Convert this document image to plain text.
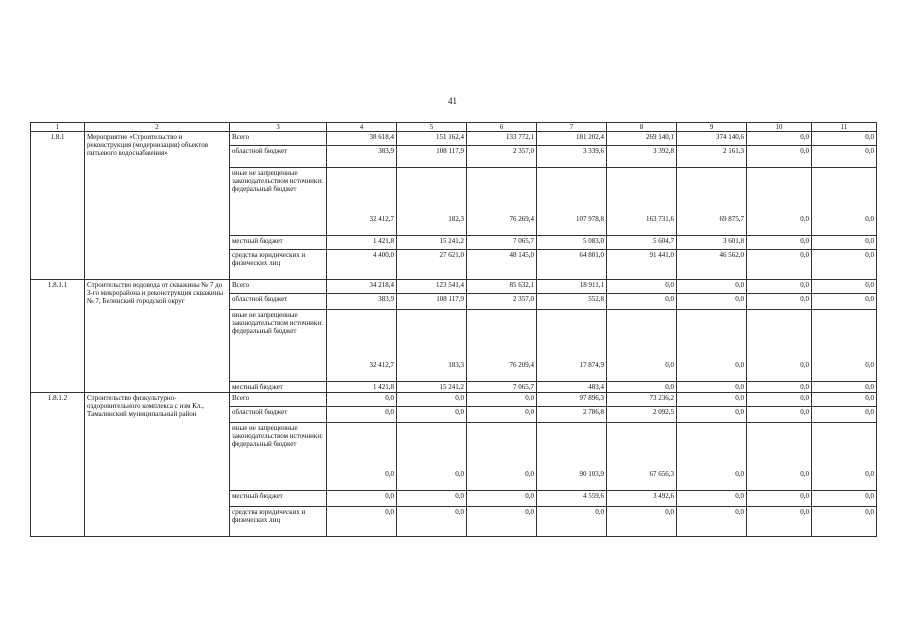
41
1	2	3	4	5	6	7	8	9	10	11
1.8.1	Мероприятие «Строительство и реконструкция (модернизация) объектов питьевого водоснабжения»	Всего	38 618,4	151 162,4	133 772,1	181 202,4	269 140,1	374 140,6	0,0	0,0
		областной бюджет	383,9	108 117,9	2 357,0	3 339,6	3 392,8	2 161,3	0,0	0,0
		иные не запрещенные законодательством источники: федеральный бюджет	32 412,7	182,3	76 269,4	107 978,8	163 731,6	69 875,7	0,0	0,0
		местный бюджет	1 421,8	15 241,2	7 065,7	5 083,0	5 604,7	3 601,8	0,0	0,0
		средства юридических и физических лиц	4 400,0	27 621,0	48 145,0	64 801,0	91 441,0	46 562,0	0,0	0,0
1.8.1.1	Строительство водовода от скважины № 7 до 3-го микрорайона и реконструкция скважины № 7, Белинский городской округ	Всего	34 218,4	123 541,4	85 632,1	18 911,1	0,0	0,0	0,0	0,0
		областной бюджет	383,9	108 117,9	2 357,0	552,8	0,0	0,0	0,0	0,0
		иные не запрещенные законодательством источники: федеральный бюджет	32 412,7	183,3	76 209,4	17 874,9	0,0	0,0	0,0	0,0
		местный бюджет	1 421,8	15 241,2	7 065,7	483,4	0,0	0,0	0,0	0,0
1.8.1.2	Строительство физкультурно-оздоровительного комплекса с изм Кл., Тамалинский муниципальный район	Всего	0,0	0,0	0,0	97 896,3	73 236,2	0,0	0,0	0,0
		областной бюджет	0,0	0,0	0,0	2 786,8	2 092,5	0,0	0,0	0,0
		иные не запрещенные законодательством источники: федеральный бюджет	0,0	0,0	0,0	90 103,9	67 656,3	0,0	0,0	0,0
		местный бюджет	0,0	0,0	0,0	4 559,6	3 492,6	0,0	0,0	0,0
		средства юридических и физических лиц	0,0	0,0	0,0	0,0	0,0	0,0	0,0	0,0
